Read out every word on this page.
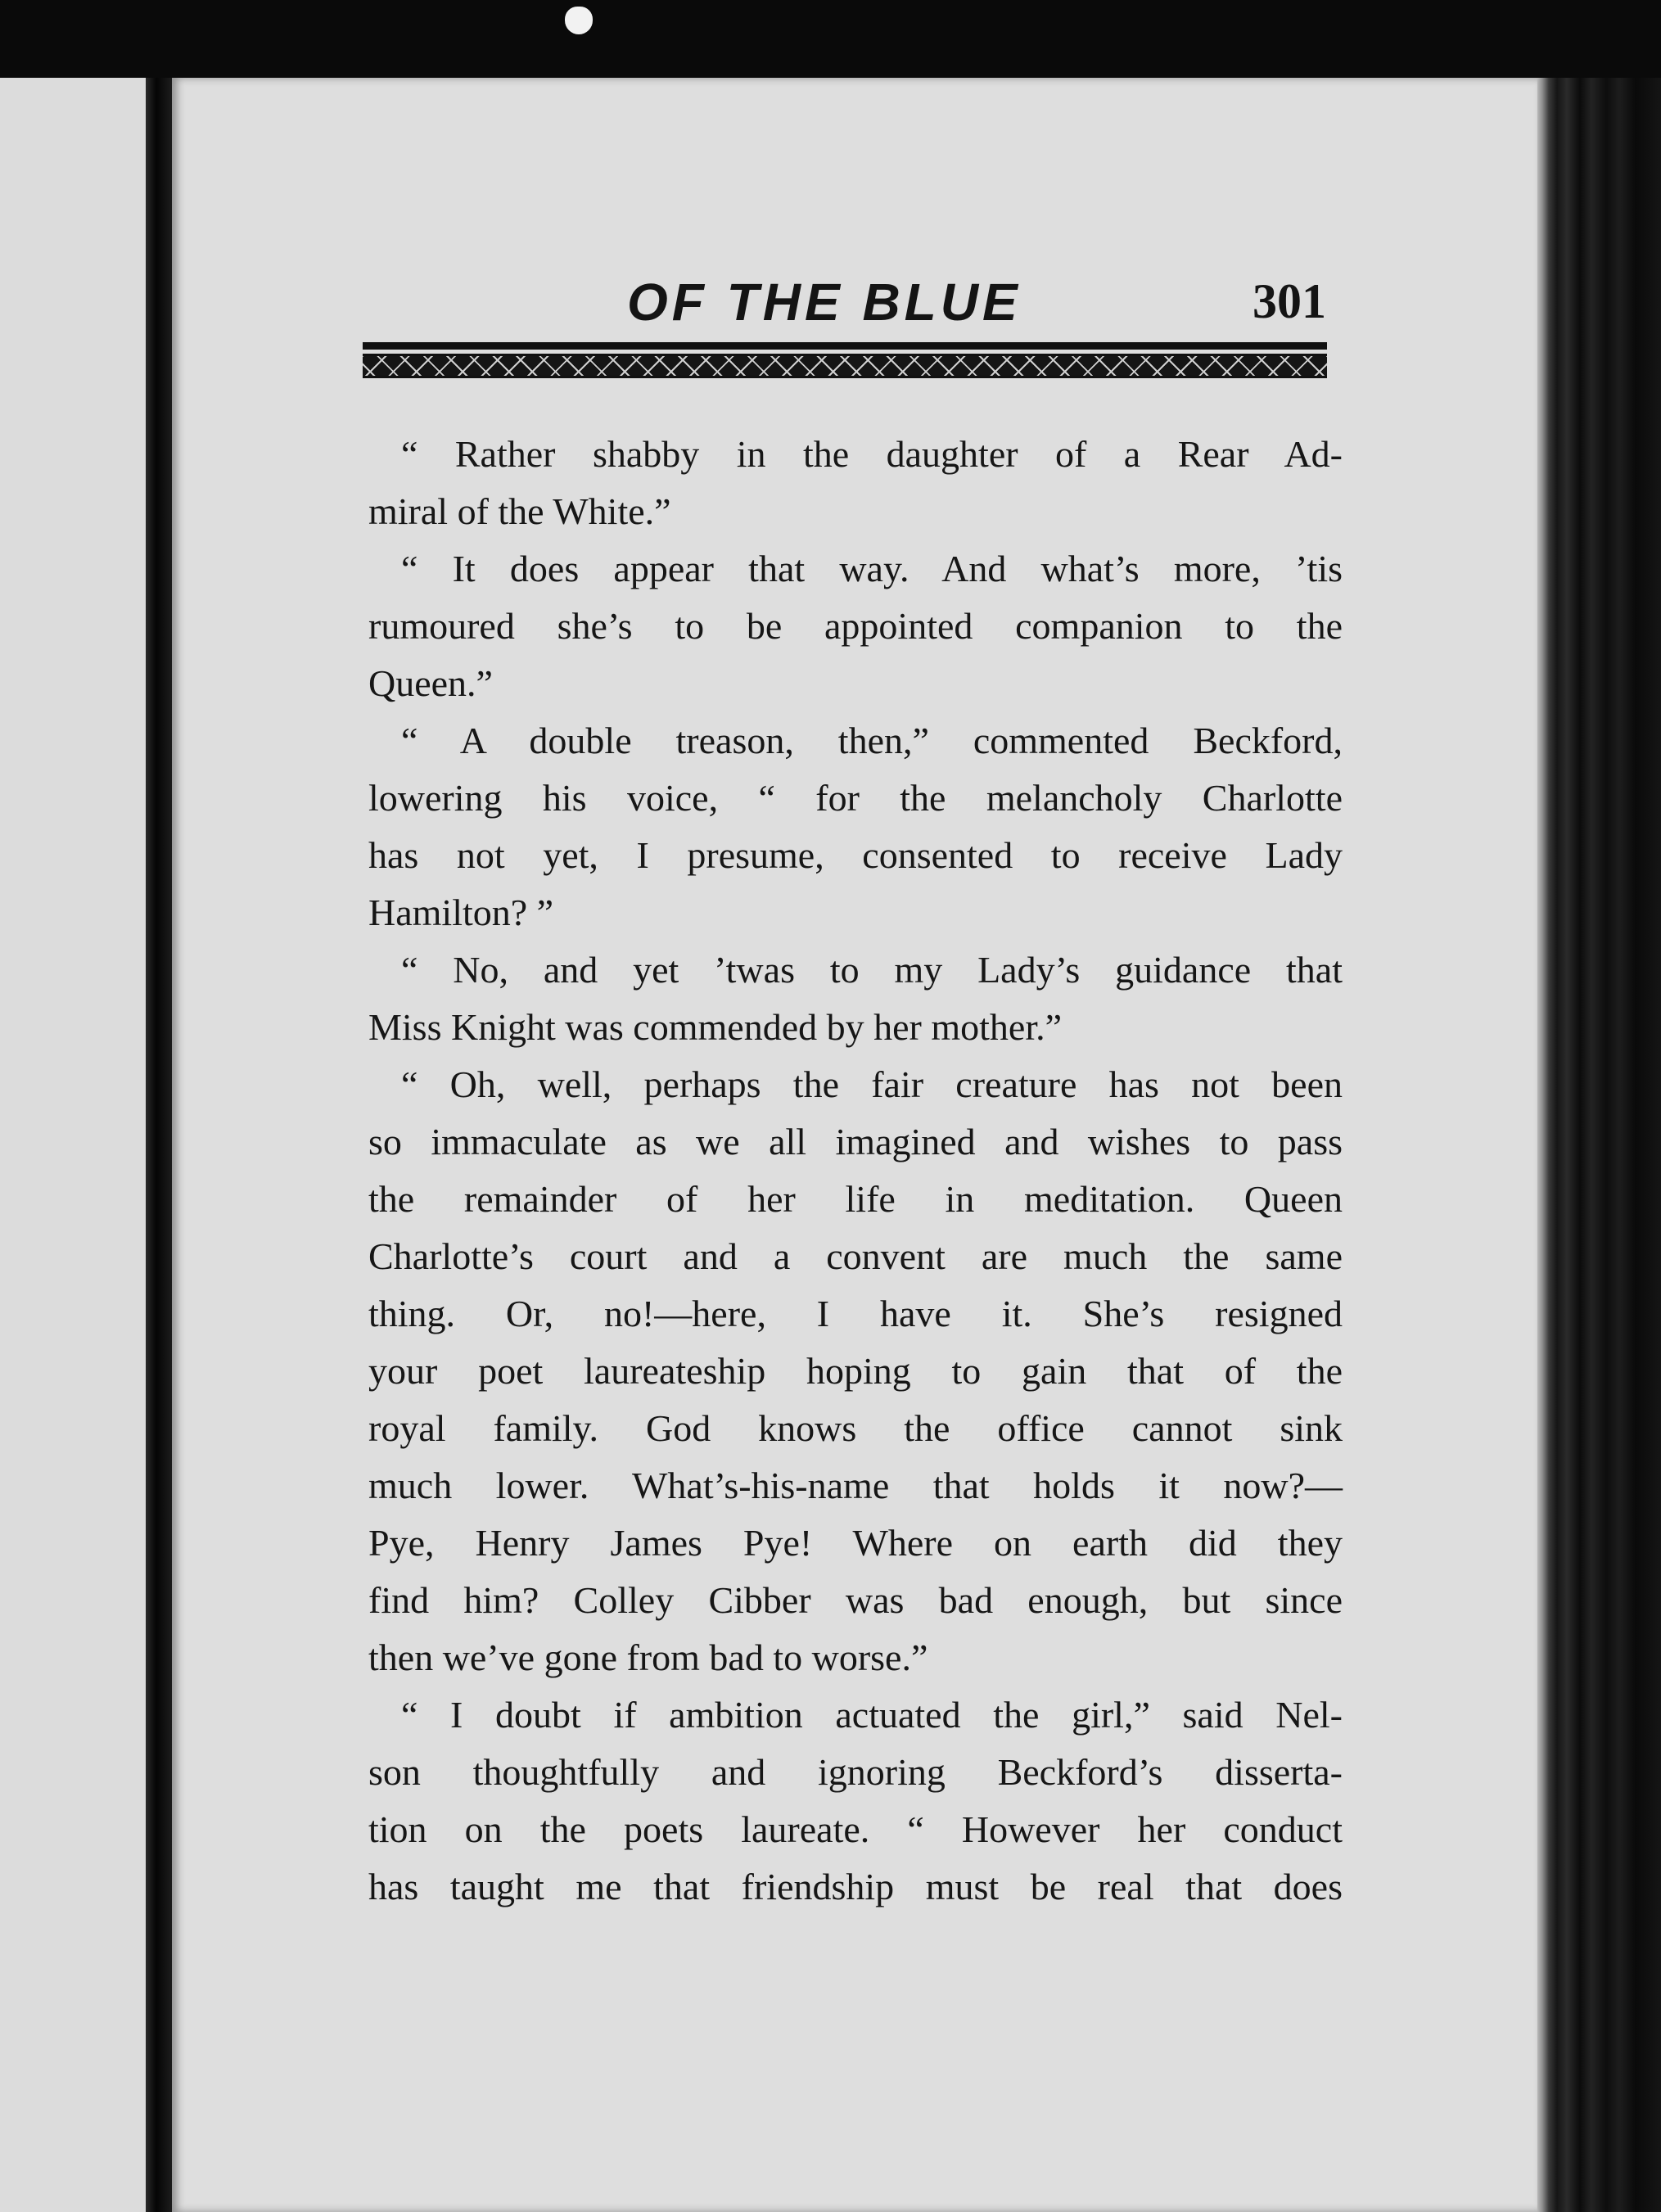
OF THE BLUE	301
“ Rather shabby in the daughter of a Rear Ad-
miral of the White.”
“ It does appear that way. And what’s more, ’tis
rumoured she’s to be appointed companion to the
Queen.”
“ A double treason, then,” commented Beckford,
lowering his voice, “ for the melancholy Charlotte
has not yet, I presume, consented to receive Lady
Hamilton? ”
“ No, and yet ’twas to my Lady’s guidance that
Miss Knight was commended by her mother.”
“ Oh, well, perhaps the fair creature has not been
so immaculate as we all imagined and wishes to pass
the remainder of her life in meditation. Queen
Charlotte’s court and a convent are much the same
thing. Or, no!—here, I have it. She’s resigned
your poet laureateship hoping to gain that of the
royal family. God knows the office cannot sink
much lower. What’s-his-name that holds it now?—
Pye, Henry James Pye! Where on earth did they
find him? Colley Cibber was bad enough, but since
then we’ve gone from bad to worse.”
“ I doubt if ambition actuated the girl,” said Nel-
son thoughtfully and ignoring Beckford’s disserta-
tion on the poets laureate. “ However her conduct
has taught me that friendship must be real that does
